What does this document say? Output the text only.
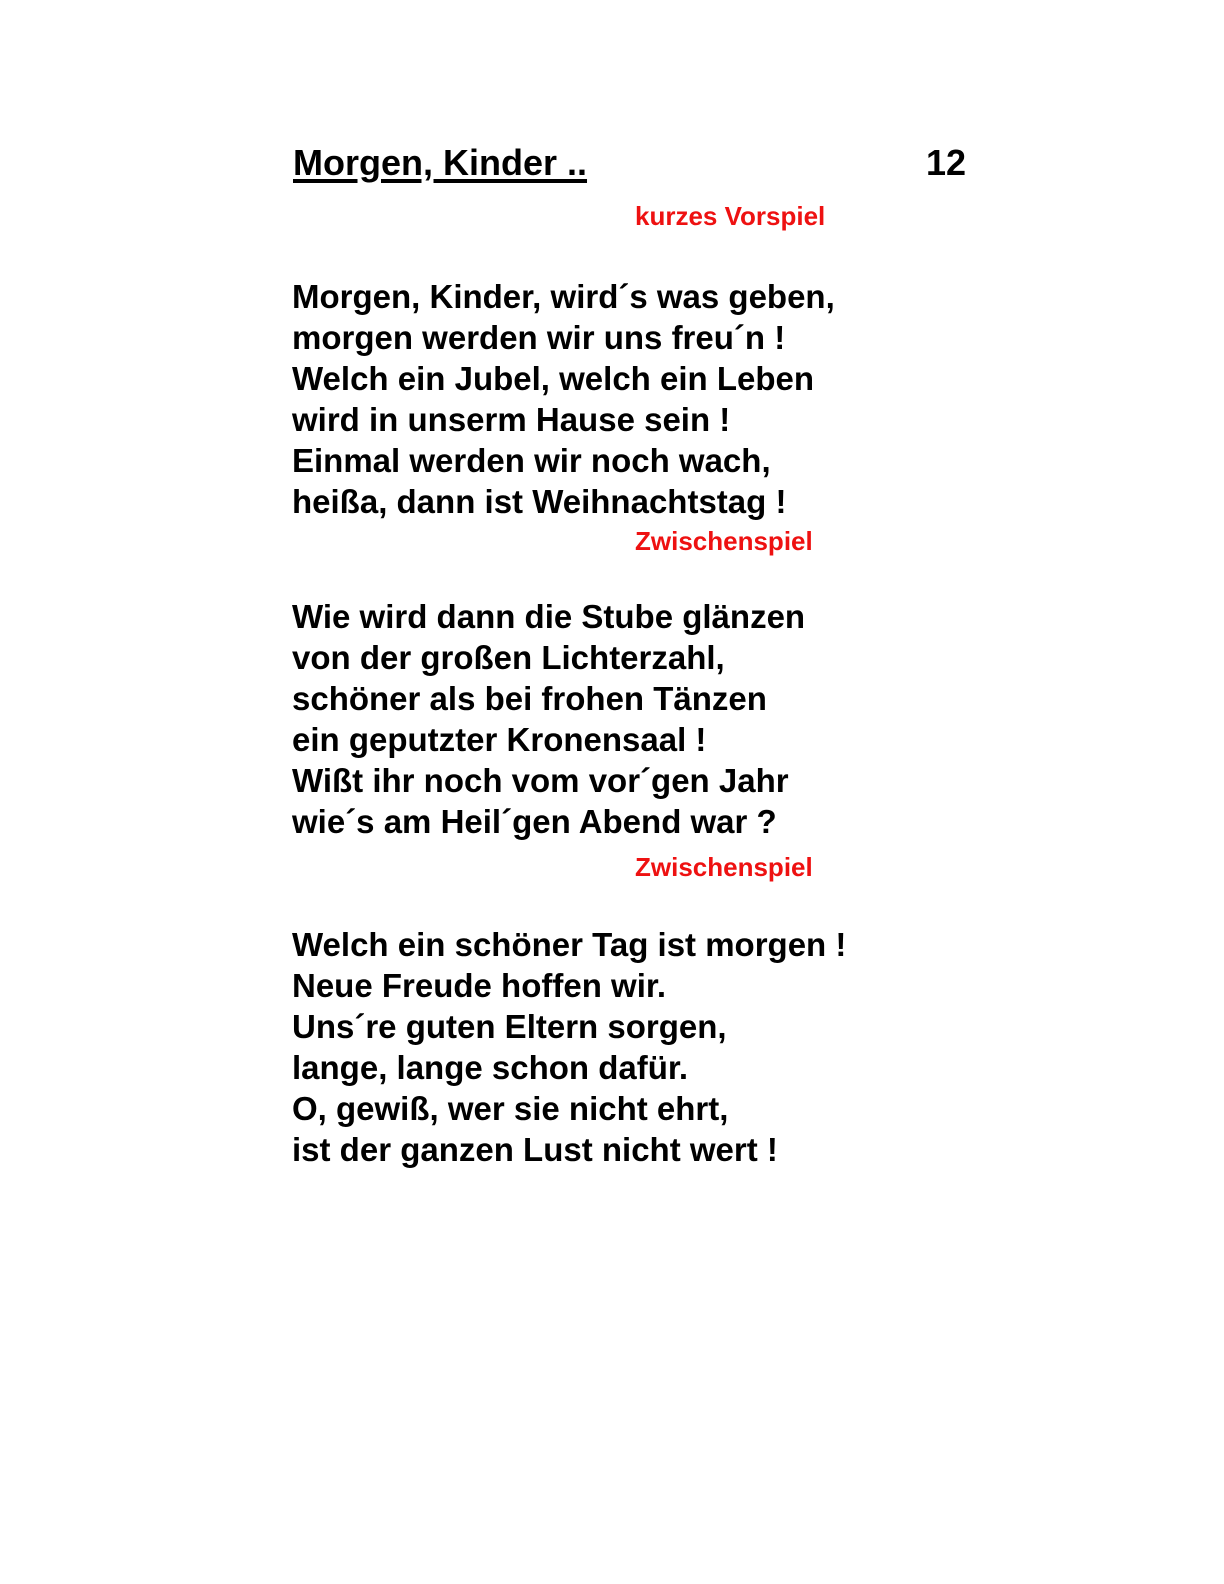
Morgen, Kinder ..	12
kurzes Vorspiel
Morgen, Kinder, wird´s was geben,
morgen werden wir uns freu´n !
Welch ein Jubel, welch ein Leben
wird in unserm Hause sein !
Einmal werden wir noch wach,
heißa, dann ist Weihnachtstag !
Zwischenspiel
Wie wird dann die Stube glänzen
von der großen Lichterzahl,
schöner als bei frohen Tänzen
ein geputzter Kronensaal !
Wißt ihr noch vom vor´gen Jahr
wie´s am Heil´gen Abend war ?
Zwischenspiel
Welch ein schöner Tag ist morgen !
Neue Freude hoffen wir.
Uns´re guten Eltern sorgen,
lange, lange schon dafür.
O, gewiß, wer sie nicht ehrt,
ist der ganzen Lust nicht wert !
